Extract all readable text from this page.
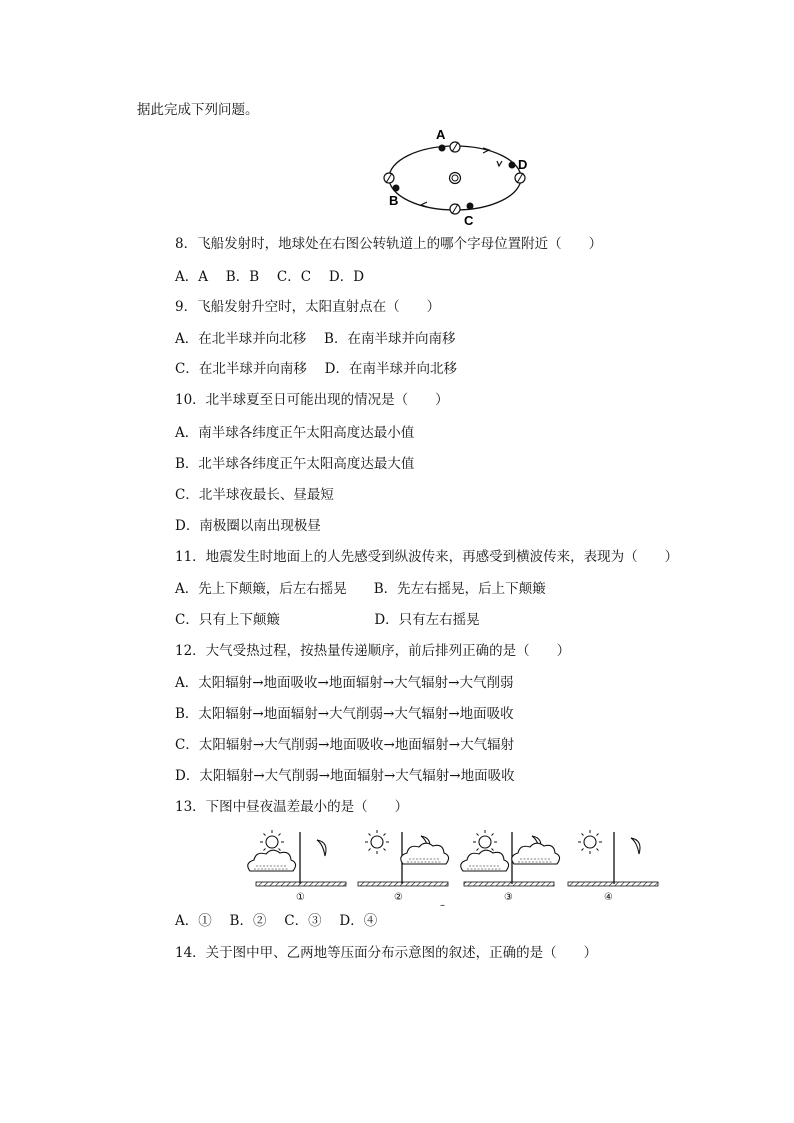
据此完成下列问题。
A
D
B
C
8．飞船发射时，地球处在右图公转轨道上的哪个字母位置附近（　　）
A．A　 B．B　 C．C　 D．D
9．飞船发射升空时，太阳直射点在（　　）
A．在北半球并向北移　 B．在南半球并向南移
C．在北半球并向南移　 D．在南半球并向北移
10．北半球夏至日可能出现的情况是（　　）
A．南半球各纬度正午太阳高度达最小值
B．北半球各纬度正午太阳高度达最大值
C．北半球夜最长、昼最短
D．南极圈以南出现极昼
11．地震发生时地面上的人先感受到纵波传来，再感受到横波传来，表现为（　　）
A．先上下颠簸，后左右摇晃　　B．先左右摇晃，后上下颠簸
C．只有上下颠簸　　　　　　　D．只有左右摇晃
12．大气受热过程，按热量传递顺序，前后排列正确的是（　　）
A．太阳辐射→地面吸收→地面辐射→大气辐射→大气削弱
B．太阳辐射→地面辐射→大气削弱→大气辐射→地面吸收
C．太阳辐射→大气削弱→地面吸收→地面辐射→大气辐射
D．太阳辐射→大气削弱→地面辐射→大气辐射→地面吸收
13．下图中昼夜温差最小的是（　　）
①	②	③	④
–
A．①　 B．②　 C．③　 D．④
14．关于图中甲、乙两地等压面分布示意图的叙述，正确的是（　　）
